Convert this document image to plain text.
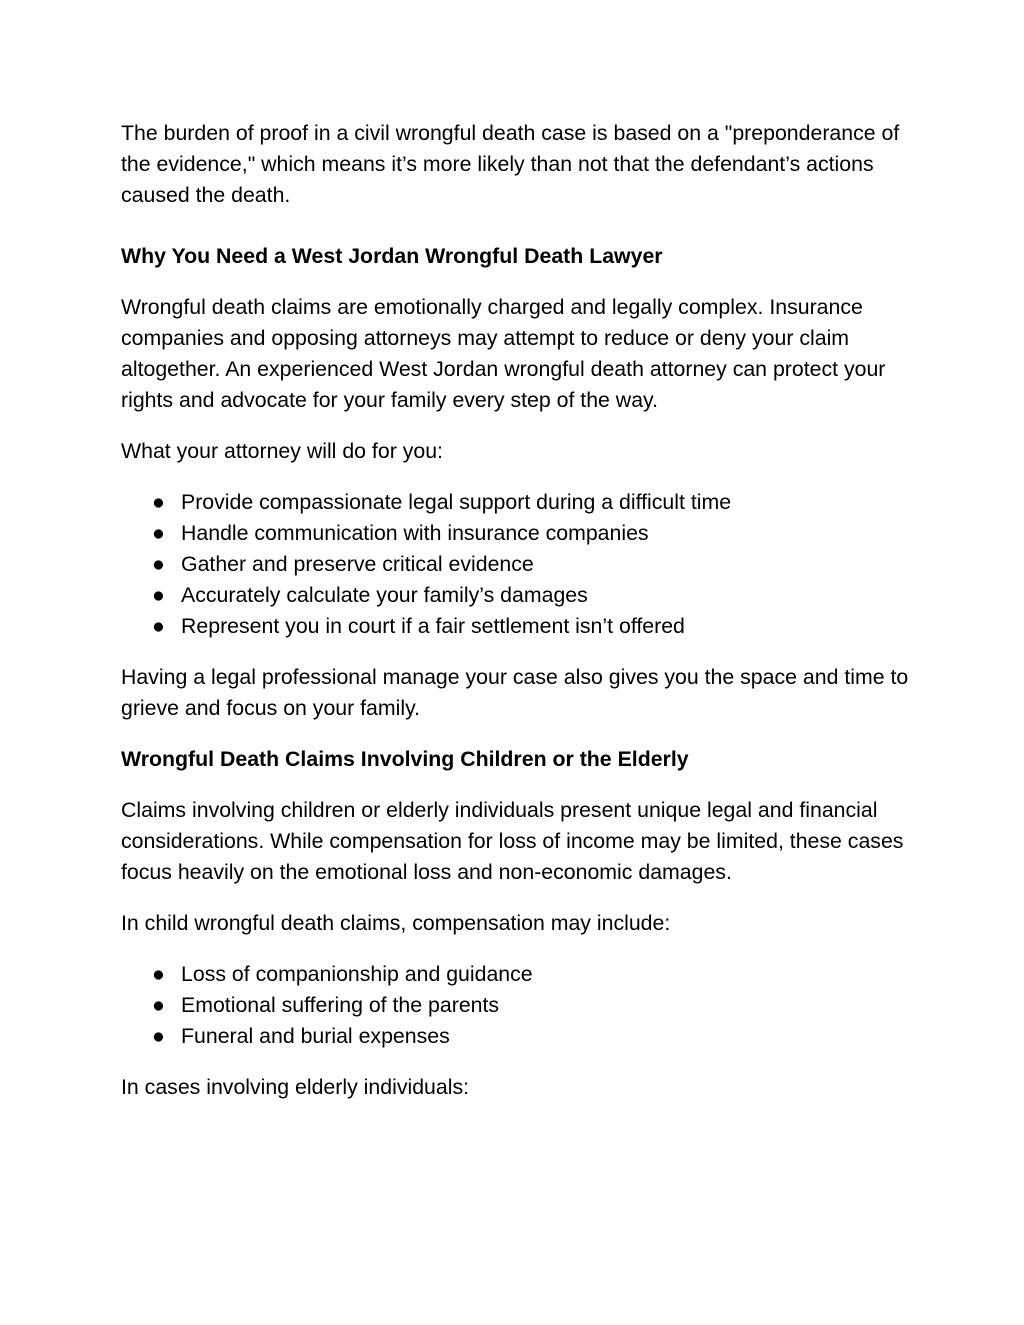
The burden of proof in a civil wrongful death case is based on a "preponderance of the evidence," which means it’s more likely than not that the defendant’s actions caused the death.

Why You Need a West Jordan Wrongful Death Lawyer

Wrongful death claims are emotionally charged and legally complex. Insurance companies and opposing attorneys may attempt to reduce or deny your claim altogether. An experienced West Jordan wrongful death attorney can protect your rights and advocate for your family every step of the way.

What your attorney will do for you:

● Provide compassionate legal support during a difficult time
● Handle communication with insurance companies
● Gather and preserve critical evidence
● Accurately calculate your family’s damages
● Represent you in court if a fair settlement isn’t offered

Having a legal professional manage your case also gives you the space and time to grieve and focus on your family.

Wrongful Death Claims Involving Children or the Elderly

Claims involving children or elderly individuals present unique legal and financial considerations. While compensation for loss of income may be limited, these cases focus heavily on the emotional loss and non-economic damages.

In child wrongful death claims, compensation may include:

● Loss of companionship and guidance
● Emotional suffering of the parents
● Funeral and burial expenses

In cases involving elderly individuals:
